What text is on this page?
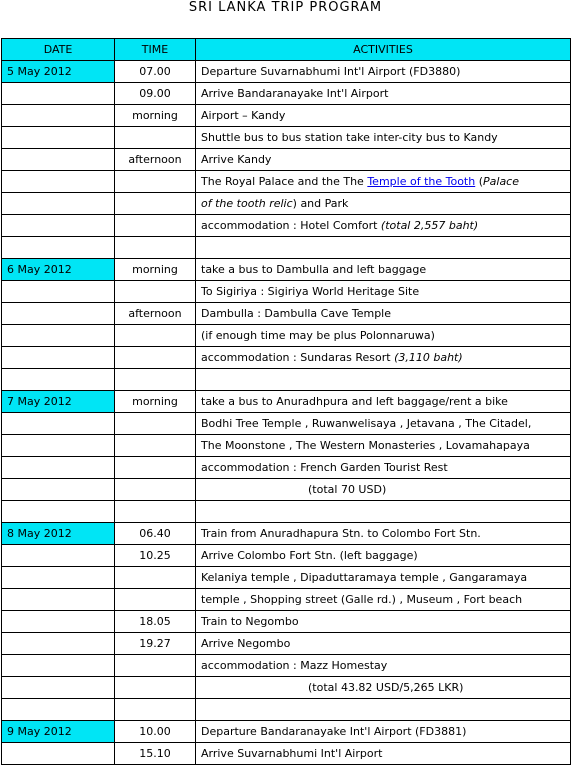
SRI LANKA TRIP PROGRAM
DATE	TIME	ACTIVITIES
5 May 2012	07.00	Departure Suvarnabhumi Int'l Airport (FD3880)
	09.00	Arrive Bandaranayake Int'l Airport
	morning	Airport – Kandy
		Shuttle bus to bus station take inter-city bus to Kandy
	afternoon	Arrive Kandy
		The Royal Palace and the The Temple of the Tooth (Palace
		of the tooth relic) and Park
		accommodation : Hotel Comfort (total 2,557 baht)

6 May 2012	morning	take a bus to Dambulla and left baggage
		To Sigiriya : Sigiriya World Heritage Site
	afternoon	Dambulla : Dambulla Cave Temple
		(if enough time may be plus Polonnaruwa)
		accommodation : Sundaras Resort (3,110 baht)

7 May 2012	morning	take a bus to Anuradhpura and left baggage/rent a bike
		Bodhi Tree Temple , Ruwanwelisaya , Jetavana , The Citadel,
		The Moonstone , The Western Monasteries , Lovamahapaya
		accommodation : French Garden Tourist Rest
		(total 70 USD)

8 May 2012	06.40	Train from Anuradhapura Stn. to Colombo Fort Stn.
	10.25	Arrive Colombo Fort Stn. (left baggage)
		Kelaniya temple , Dipaduttaramaya temple , Gangaramaya
		temple , Shopping street (Galle rd.) , Museum , Fort beach
	18.05	Train to Negombo
	19.27	Arrive Negombo
		accommodation : Mazz Homestay
		(total 43.82 USD/5,265 LKR)

9 May 2012	10.00	Departure Bandaranayake Int'l Airport (FD3881)
	15.10	Arrive Suvarnabhumi Int'l Airport
